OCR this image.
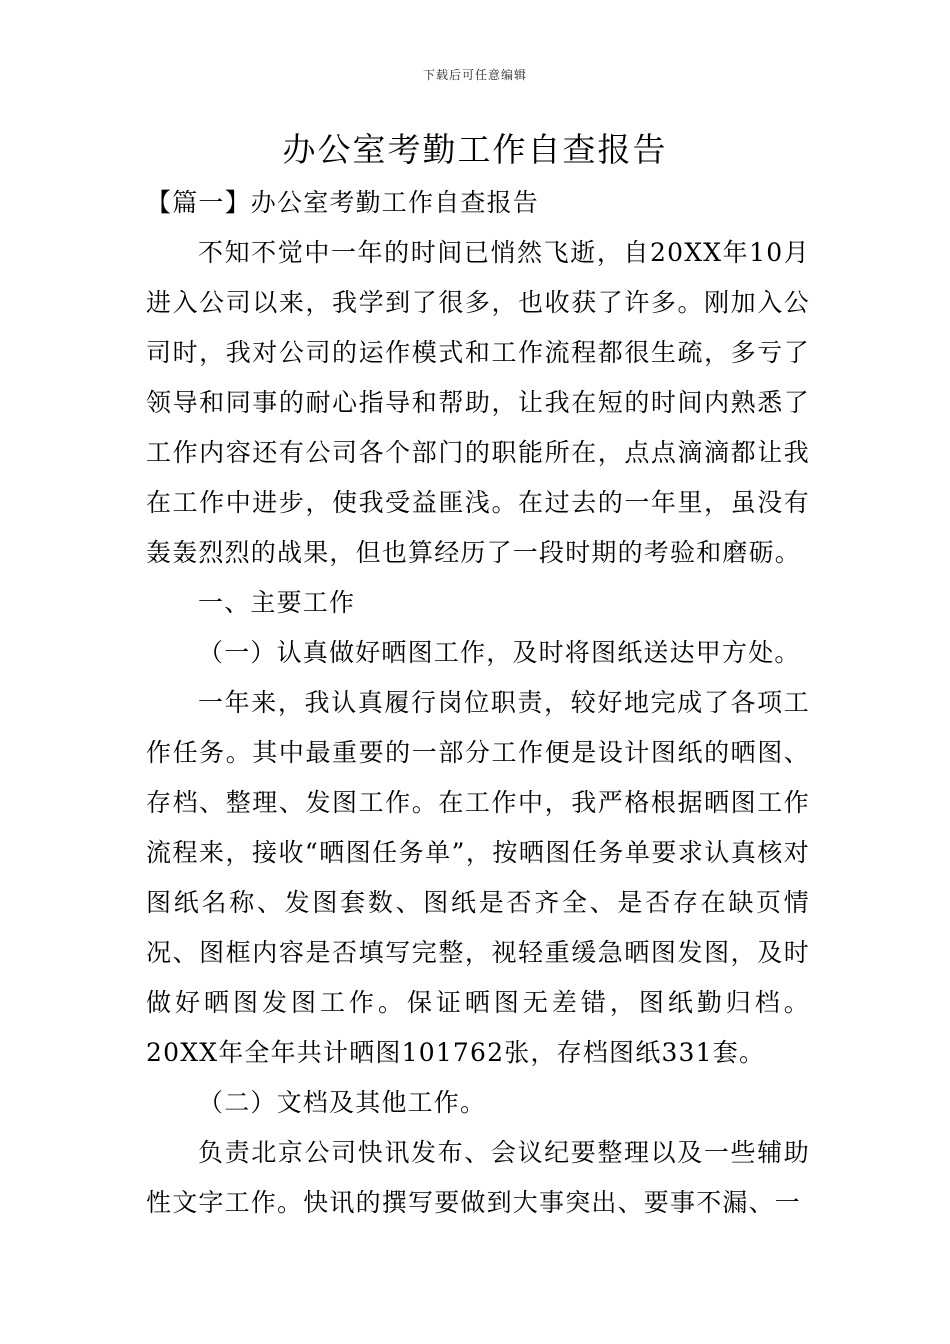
下载后可任意编辑
办公室考勤工作自查报告

【篇一】办公室考勤工作自查报告

不知不觉中一年的时间已悄然飞逝，自20XX年10月进入公司以来，我学到了很多，也收获了许多。刚加入公司时，我对公司的运作模式和工作流程都很生疏，多亏了领导和同事的耐心指导和帮助，让我在短的时间内熟悉了工作内容还有公司各个部门的职能所在，点点滴滴都让我在工作中进步，使我受益匪浅。在过去的一年里，虽没有轰轰烈烈的战果，但也算经历了一段时期的考验和磨砺。

一、主要工作

（一）认真做好晒图工作，及时将图纸送达甲方处。

一年来，我认真履行岗位职责，较好地完成了各项工作任务。其中最重要的一部分工作便是设计图纸的晒图、存档、整理、发图工作。在工作中，我严格根据晒图工作流程来，接收“晒图任务单”，按晒图任务单要求认真核对图纸名称、发图套数、图纸是否齐全、是否存在缺页情况、图框内容是否填写完整，视轻重缓急晒图发图，及时做好晒图发图工作。保证晒图无差错，图纸勤归档。20XX年全年共计晒图101762张，存档图纸331套。

（二）文档及其他工作。

负责北京公司快讯发布、会议纪要整理以及一些辅助性文字工作。快讯的撰写要做到大事突出、要事不漏、一
